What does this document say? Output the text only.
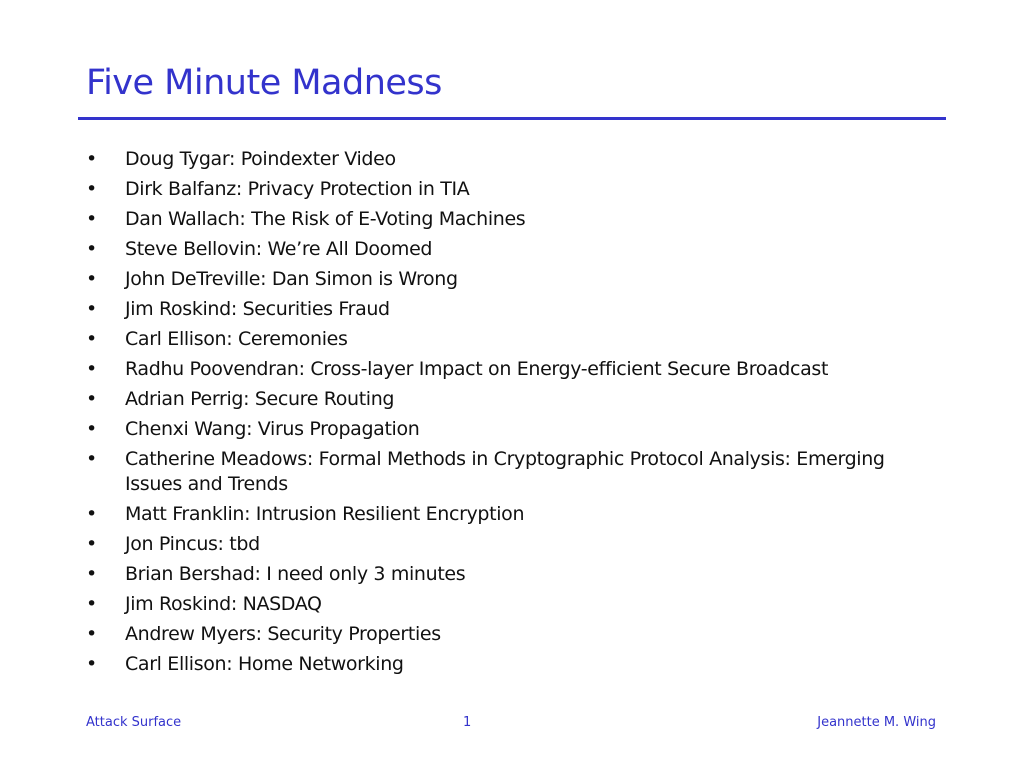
Five Minute Madness
• Doug Tygar: Poindexter Video
• Dirk Balfanz: Privacy Protection in TIA
• Dan Wallach: The Risk of E-Voting Machines
• Steve Bellovin: We’re All Doomed
• John DeTreville: Dan Simon is Wrong
• Jim Roskind: Securities Fraud
• Carl Ellison: Ceremonies
• Radhu Poovendran: Cross-layer Impact on Energy-efficient Secure Broadcast
• Adrian Perrig: Secure Routing
• Chenxi Wang: Virus Propagation
• Catherine Meadows: Formal Methods in Cryptographic Protocol Analysis: Emerging Issues and Trends
• Matt Franklin: Intrusion Resilient Encryption
• Jon Pincus: tbd
• Brian Bershad: I need only 3 minutes
• Jim Roskind: NASDAQ
• Andrew Myers: Security Properties
• Carl Ellison: Home Networking
Attack Surface	1	Jeannette M. Wing
